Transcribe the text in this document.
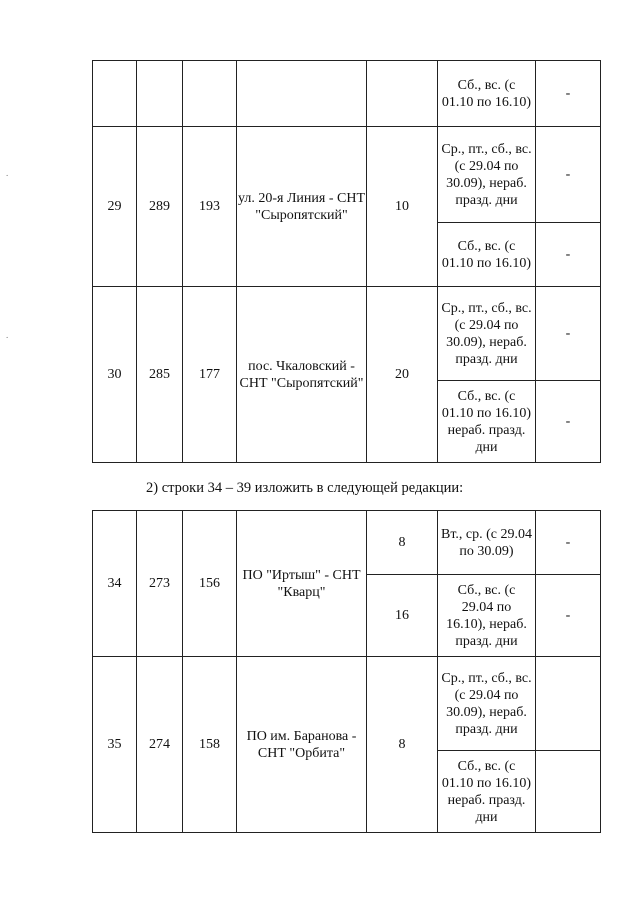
.
.
					Сб., вс. (с 01.10 по 16.10)	-
29	289	193	ул. 20-я Линия - СНТ "Сыропятский"	10	Ср., пт., сб., вс. (с 29.04 по 30.09), нераб. празд. дни	-
					Сб., вс. (с 01.10 по 16.10)	-
30	285	177	пос. Чкаловский - СНТ "Сыропятский"	20	Ср., пт., сб., вс. (с 29.04 по 30.09), нераб. празд. дни	-
					Сб., вс. (с 01.10 по 16.10) нераб. празд. дни	-
2) строки 34 – 39 изложить в следующей редакции:
34	273	156	ПО "Иртыш" - СНТ "Кварц"	8	Вт., ср. (с 29.04 по 30.09)	-
				16	Сб., вс. (с 29.04 по 16.10), нераб. празд. дни	-
35	274	158	ПО им. Баранова - СНТ "Орбита"	8	Ср., пт., сб., вс. (с 29.04 по 30.09), нераб. празд. дни	
					Сб., вс. (с 01.10 по 16.10) нераб. празд. дни	
